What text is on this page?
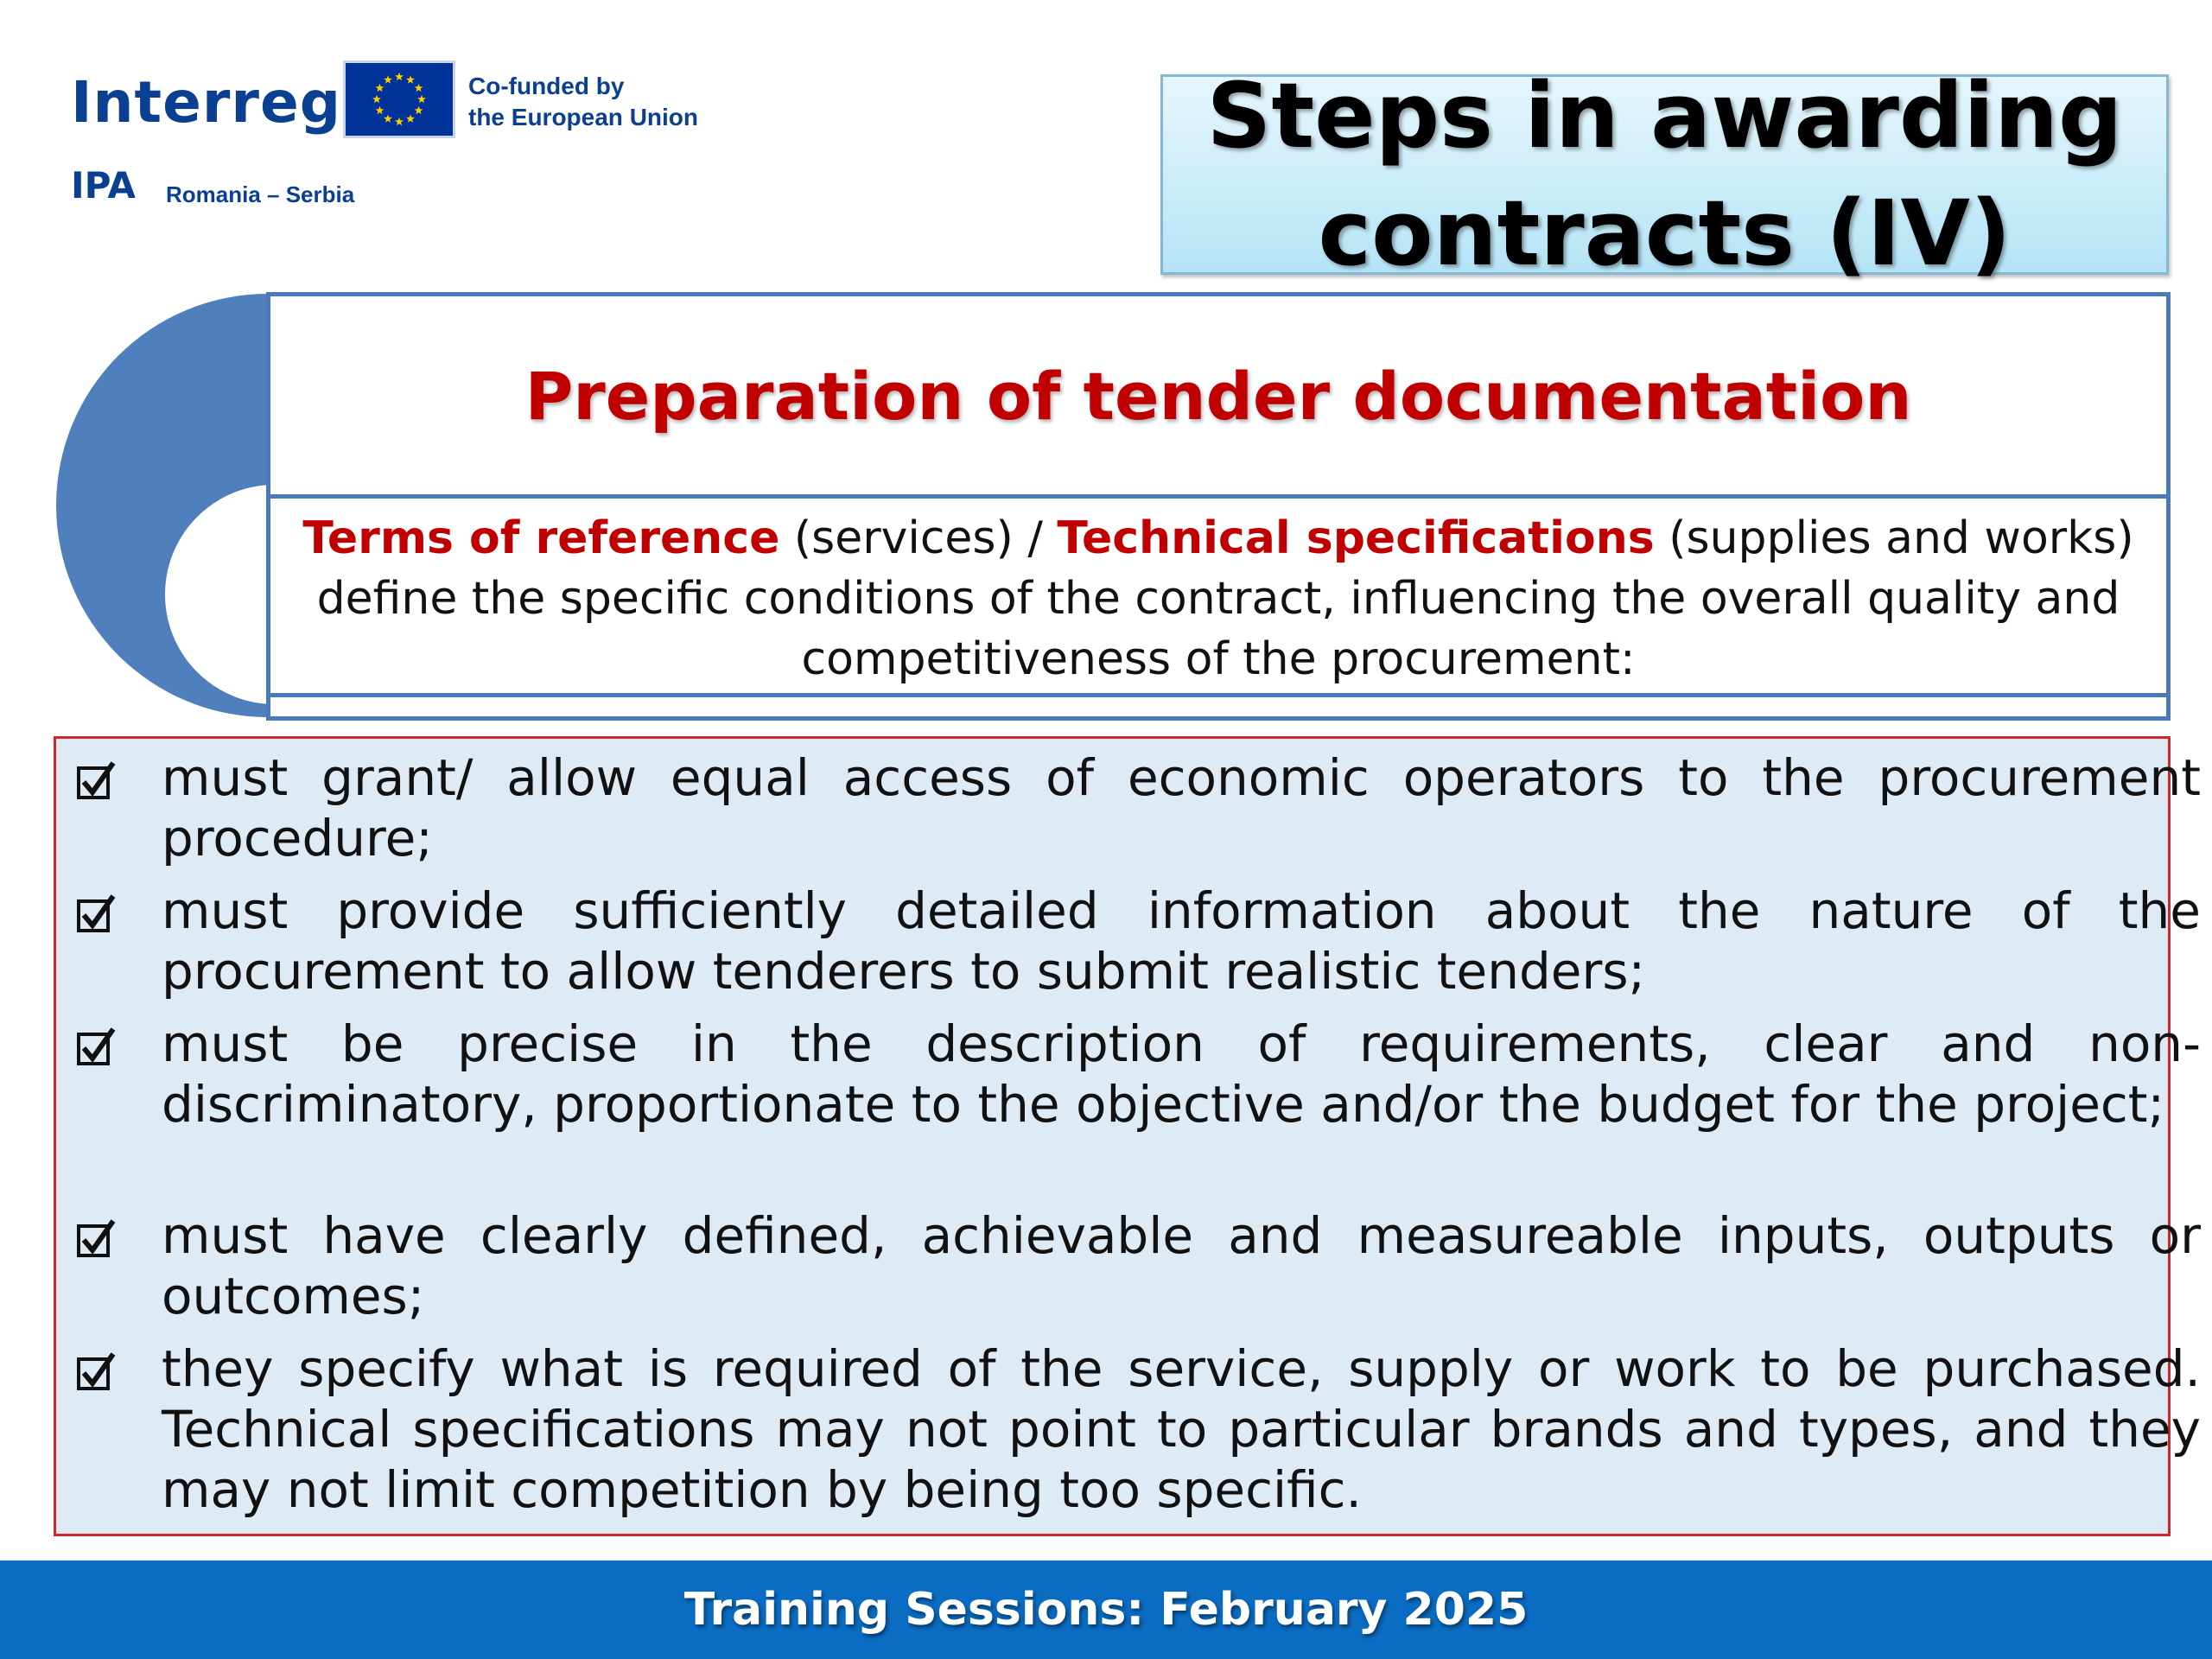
Interreg	Co-funded by
the European Union
IPA Romania – Serbia
Steps in awarding
contracts (IV)
Preparation of tender documentation
Terms of reference (services) / Technical specifications (supplies and works) define the specific conditions of the contract, influencing the overall quality and competitiveness of the procurement:
must grant/ allow equal access of economic operators to the procurement procedure;
must provide sufficiently detailed information about the nature of the procurement to allow tenderers to submit realistic tenders;
must be precise in the description of requirements, clear and non-discriminatory, proportionate to the objective and/or the budget for the project;
must have clearly defined, achievable and measureable inputs, outputs or outcomes;
they specify what is required of the service, supply or work to be purchased. Technical specifications may not point to particular brands and types, and they may not limit competition by being too specific.
Training Sessions: February 2025
